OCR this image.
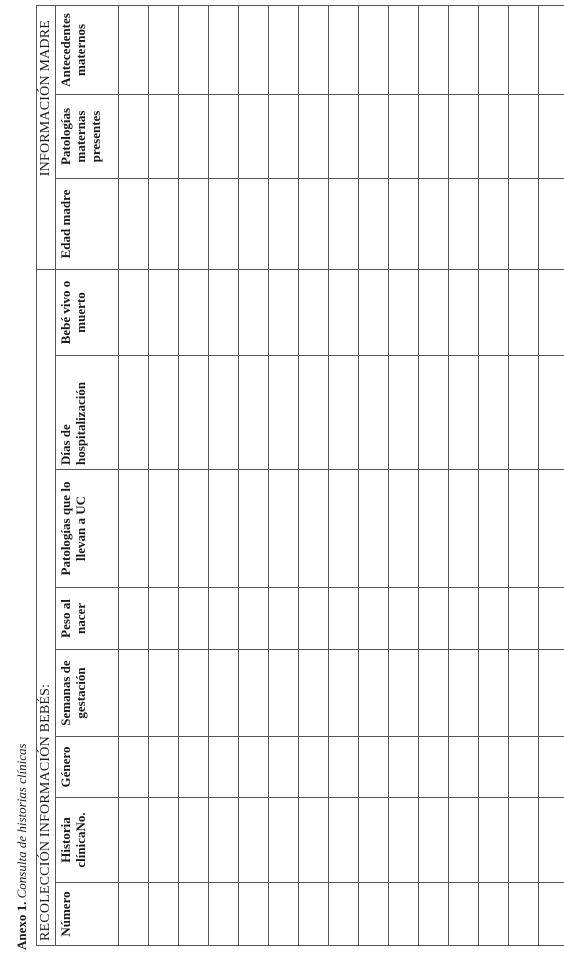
Anexo 1. Consulta de historias clínicas RECOLECCIÓN INFORMACIÓN BEBÉS:								INFORMACIÓN MADRE		
Número	Historia clínicaNo.	Género	Semanas de gestación	Peso al nacer	Patologías que lo llevan a UC	Días de hospitalización	Bebé vivo o muerto	Edad madre	Patologías maternas presentes	Antecedentes maternos
